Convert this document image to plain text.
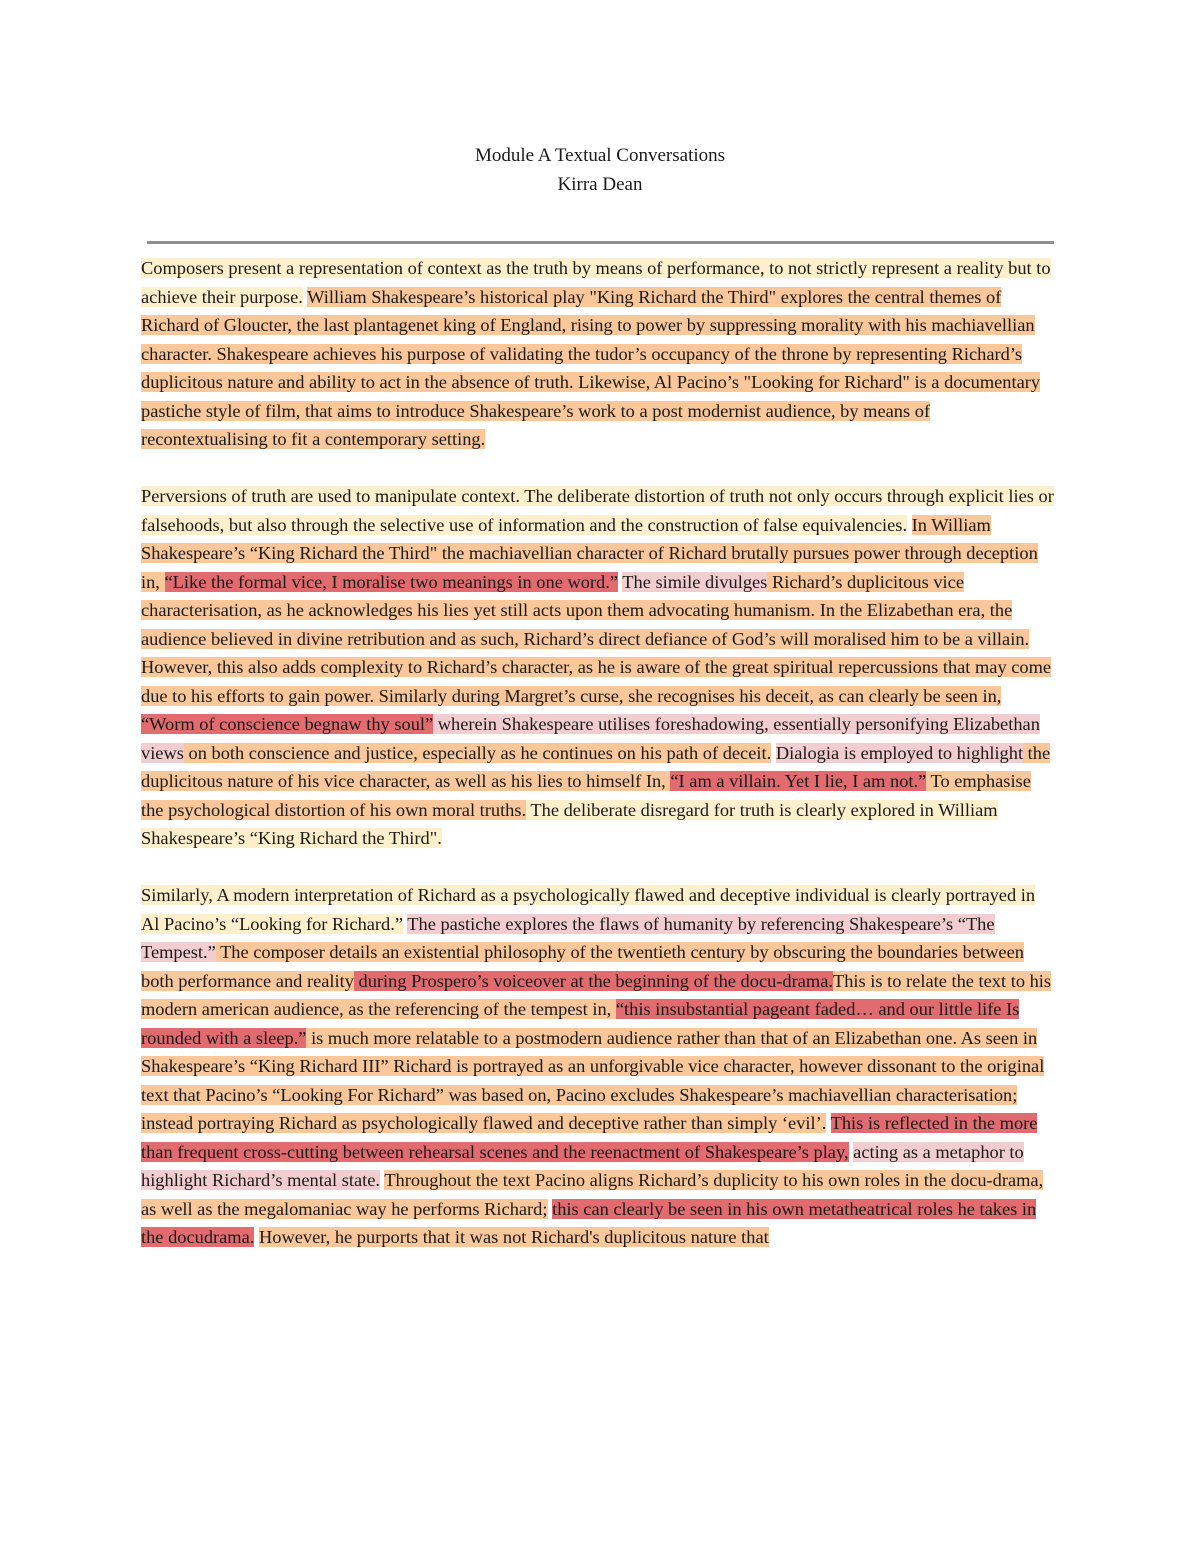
Module A Textual Conversations
Kirra Dean

Composers present a representation of context as the truth by means of performance, to not strictly represent a reality but to achieve their purpose. William Shakespeare’s historical play "King Richard the Third" explores the central themes of Richard of Gloucter, the last plantagenet king of England, rising to power by suppressing morality with his machiavellian character. Shakespeare achieves his purpose of validating the tudor’s occupancy of the throne by representing Richard’s duplicitous nature and ability to act in the absence of truth. Likewise, Al Pacino’s "Looking for Richard" is a documentary pastiche style of film, that aims to introduce Shakespeare’s work to a post modernist audience, by means of recontextualising to fit a contemporary setting.

Perversions of truth are used to manipulate context. The deliberate distortion of truth not only occurs through explicit lies or falsehoods, but also through the selective use of information and the construction of false equivalencies. In William Shakespeare’s “King Richard the Third" the machiavellian character of Richard brutally pursues power through deception in, “Like the formal vice, I moralise two meanings in one word.” The simile divulges Richard’s duplicitous vice characterisation, as he acknowledges his lies yet still acts upon them advocating humanism. In the Elizabethan era, the audience believed in divine retribution and as such, Richard’s direct defiance of God’s will moralised him to be a villain. However, this also adds complexity to Richard’s character, as he is aware of the great spiritual repercussions that may come due to his efforts to gain power. Similarly during Margret’s curse, she recognises his deceit, as can clearly be seen in, “Worm of conscience begnaw thy soul” wherein Shakespeare utilises foreshadowing, essentially personifying Elizabethan views on both conscience and justice, especially as he continues on his path of deceit. Dialogia is employed to highlight the duplicitous nature of his vice character, as well as his lies to himself In, “I am a villain. Yet I lie, I am not.” To emphasise the psychological distortion of his own moral truths. The deliberate disregard for truth is clearly explored in William Shakespeare’s “King Richard the Third".

Similarly, A modern interpretation of Richard as a psychologically flawed and deceptive individual is clearly portrayed in Al Pacino’s “Looking for Richard.” The pastiche explores the flaws of humanity by referencing Shakespeare’s “The Tempest.” The composer details an existential philosophy of the twentieth century by obscuring the boundaries between both performance and reality during Prospero’s voiceover at the beginning of the docu-drama.This is to relate the text to his modern american audience, as the referencing of the tempest in, “this insubstantial pageant faded… and our little life Is rounded with a sleep.” is much more relatable to a postmodern audience rather than that of an Elizabethan one. As seen in Shakespeare’s “King Richard III” Richard is portrayed as an unforgivable vice character, however dissonant to the original text that Pacino’s “Looking For Richard” was based on, Pacino excludes Shakespeare’s machiavellian characterisation; instead portraying Richard as psychologically flawed and deceptive rather than simply ‘evil’. This is reflected in the more than frequent cross-cutting between rehearsal scenes and the reenactment of Shakespeare’s play, acting as a metaphor to highlight Richard’s mental state. Throughout the text Pacino aligns Richard’s duplicity to his own roles in the docu-drama, as well as the megalomaniac way he performs Richard; this can clearly be seen in his own metatheatrical roles he takes in the docudrama. However, he purports that it was not Richard's duplicitous nature that
